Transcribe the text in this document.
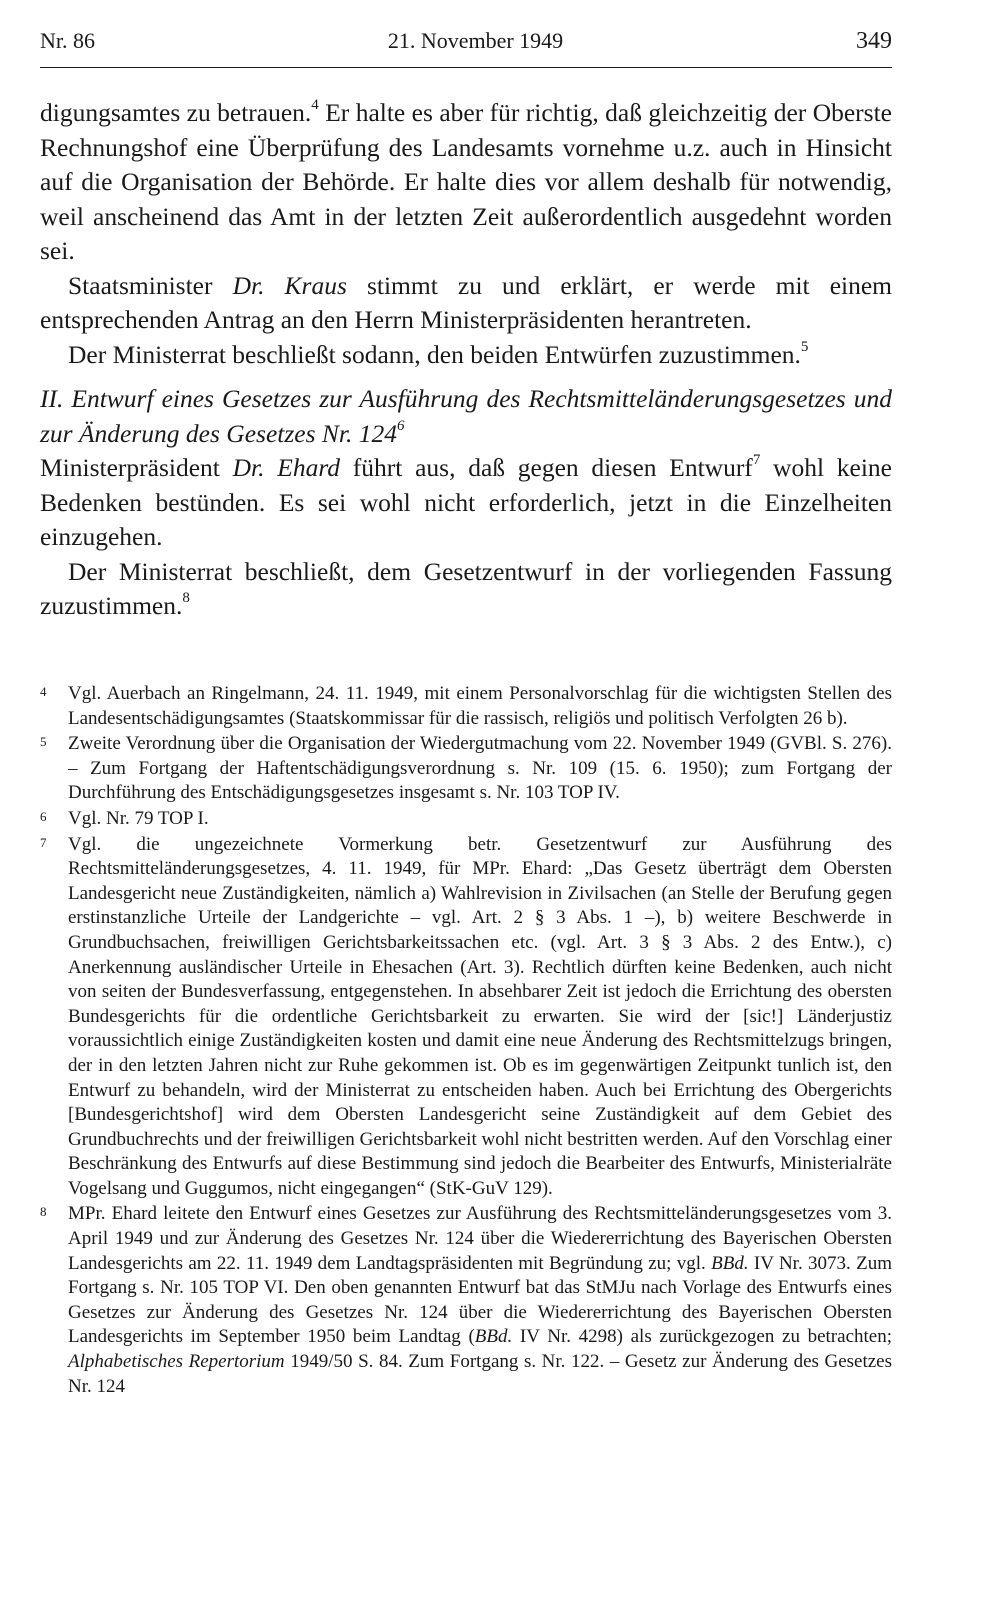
Nr. 86	21. November 1949	349

digungsamtes zu betrauen.$^4$ Er halte es aber für richtig, daß gleichzeitig der Oberste Rechnungshof eine Überprüfung des Landesamts vornehme u.z. auch in Hinsicht auf die Organisation der Behörde. Er halte dies vor allem deshalb für notwendig, weil anscheinend das Amt in der letzten Zeit außerordentlich ausgedehnt worden sei.

Staatsminister Dr. Kraus stimmt zu und erklärt, er werde mit einem entsprechenden Antrag an den Herrn Ministerpräsidenten herantreten.

Der Ministerrat beschließt sodann, den beiden Entwürfen zuzustimmen.$^5$

II. Entwurf eines Gesetzes zur Ausführung des Rechtsmitteländerungsgesetzes und zur Änderung des Gesetzes Nr. $124^6$

Ministerpräsident Dr. Ehard führt aus, daß gegen diesen Entwurf$^7$ wohl keine Bedenken bestünden. Es sei wohl nicht erforderlich, jetzt in die Einzelheiten einzugehen.

Der Ministerrat beschließt, dem Gesetzentwurf in der vorliegenden Fassung zuzustimmen.$^8$

4 Vgl. Auerbach an Ringelmann, 24. 11. 1949, mit einem Personalvorschlag für die wichtigsten Stellen des Landesentschädigungsamtes (Staatskommissar für die rassisch, religiös und politisch Verfolgten 26 b).
5 Zweite Verordnung über die Organisation der Wiedergutmachung vom 22. November 1949 (GVBl. S. 276). – Zum Fortgang der Haftentschädigungsverordnung s. Nr. 109 (15. 6. 1950); zum Fortgang der Durchführung des Entschädigungsgesetzes insgesamt s. Nr. 103 TOP IV.
6 Vgl. Nr. 79 TOP I.
7 Vgl. die ungezeichnete Vormerkung betr. Gesetzentwurf zur Ausführung des Rechtsmitteländerungsgesetzes, 4. 11. 1949, für MPr. Ehard: „Das Gesetz überträgt dem Obersten Landesgericht neue Zuständigkeiten, nämlich a) Wahlrevision in Zivilsachen (an Stelle der Berufung gegen erstinstanzliche Urteile der Landgerichte – vgl. Art. 2 § 3 Abs. 1 –), b) weitere Beschwerde in Grundbuchsachen, freiwilligen Gerichtsbarkeitssachen etc. (vgl. Art. 3 § 3 Abs. 2 des Entw.), c) Anerkennung ausländischer Urteile in Ehesachen (Art. 3). Rechtlich dürften keine Bedenken, auch nicht von seiten der Bundesverfassung, entgegenstehen. In absehbarer Zeit ist jedoch die Errichtung des obersten Bundesgerichts für die ordentliche Gerichtsbarkeit zu erwarten. Sie wird der [sic!] Länderjustiz voraussichtlich einige Zuständigkeiten kosten und damit eine neue Änderung des Rechtsmittelzugs bringen, der in den letzten Jahren nicht zur Ruhe gekommen ist. Ob es im gegenwärtigen Zeitpunkt tunlich ist, den Entwurf zu behandeln, wird der Ministerrat zu entscheiden haben. Auch bei Errichtung des Obergerichts [Bundesgerichtshof] wird dem Obersten Landesgericht seine Zuständigkeit auf dem Gebiet des Grundbuchrechts und der freiwilligen Gerichtsbarkeit wohl nicht bestritten werden. Auf den Vorschlag einer Beschränkung des Entwurfs auf diese Bestimmung sind jedoch die Bearbeiter des Entwurfs, Ministerialräte Vogelsang und Guggumos, nicht eingegangen“ (StK-GuV 129).
8 MPr. Ehard leitete den Entwurf eines Gesetzes zur Ausführung des Rechtsmitteländerungsgesetzes vom 3. April 1949 und zur Änderung des Gesetzes Nr. 124 über die Wiedererrichtung des Bayerischen Obersten Landesgerichts am 22. 11. 1949 dem Landtagspräsidenten mit Begründung zu; vgl. BBd. IV Nr. 3073. Zum Fortgang s. Nr. 105 TOP VI. Den oben genannten Entwurf bat das StMJu nach Vorlage des Entwurfs eines Gesetzes zur Änderung des Gesetzes Nr. 124 über die Wiedererrichtung des Bayerischen Obersten Landesgerichts im September 1950 beim Landtag (BBd. IV Nr. 4298) als zurückgezogen zu betrachten; Alphabetisches Repertorium 1949/50 S. 84. Zum Fortgang s. Nr. 122. – Gesetz zur Änderung des Gesetzes Nr. 124
